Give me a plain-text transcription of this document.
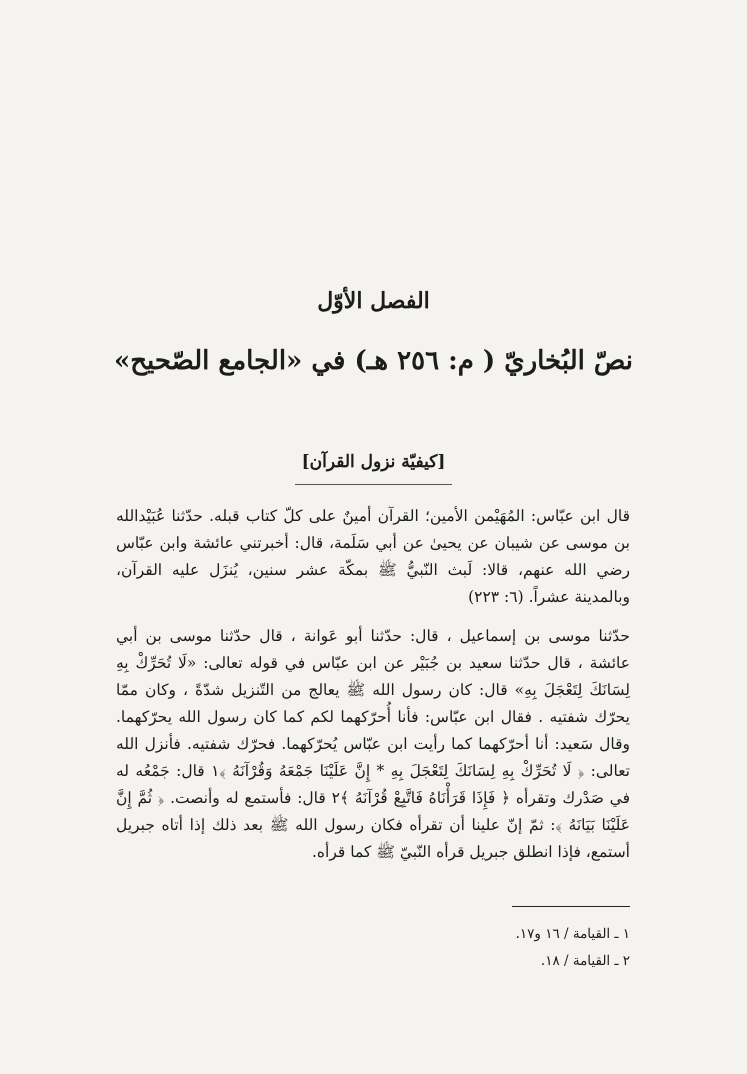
الفصل الأوّل
نصّ البُخاريّ ( م: ٢٥٦ هـ) في «الجامع الصّحيح»
[كيفيّة نزول القرآن]

قال ابن عبّاس: المُهَيْمن الأمين؛ القرآن أمينٌ على كلّ كتاب قبله. حدّثنا عُبَيْدالله بن موسى عن شيبان عن يحيىٰ عن أبي سَلَمة، قال: أخبرتني عائشة وابن عبّاس رضي الله عنهم، قالا: لَبث النّبيُّ ﷺ بمكّة عشر سنين، يُنزَل عليه القرآن، وبالمدينة عشراً. (٦: ٢٢٣)

حدّثنا موسى بن إسماعيل ، قال: حدّثنا أبو عَوانة ، قال حدّثنا موسى بن أبي عائشة ، قال حدّثنا سعيد بن جُبَيْر عن ابن عبّاس في قوله تعالى: «لَا تُحَرِّكْ بِهِ لِسَانَكَ لِتَعْجَلَ بِهِ» قال: كان رسول الله ﷺ يعالج من التّنزيل شدّةً ، وكان ممّا يحرّك شفتيه . فقال ابن عبّاس: فأنا أُحرّكهما لكم كما كان رسول الله يحرّكهما. وقال سَعيد: أنا أحرّكهما كما رأيت ابن عبّاس يُحرّكهما. فحرّك شفتيه. فأنزل الله تعالى: ﴿ لَا تُحَرِّكْ بِهِ لِسَانَكَ لِتَعْجَلَ بِهِ * إِنَّ عَلَيْنَا جَمْعَهُ وَقُرْآنَهُ ﴾١ قال: جَمْعُه له في صَدْرك وتقرأه ﴿ فَإِذَا قَرَأْنَاهُ فَاتَّبِعْ قُرْآنَهُ ﴾٢ قال: فأستمع له وأنصت. ﴿ ثُمَّ إِنَّ عَلَيْنَا بَيَانَهُ ﴾: ثمّ إنّ علينا أن تقرأه فكان رسول الله ﷺ بعد ذلك إذا أتاه جبريل أستمع، فإذا انطلق جبريل قرأه النّبيّ ﷺ كما قرأه.

١ ـ القيامة / ١٦ و١٧.
٢ ـ القيامة / ١٨.
